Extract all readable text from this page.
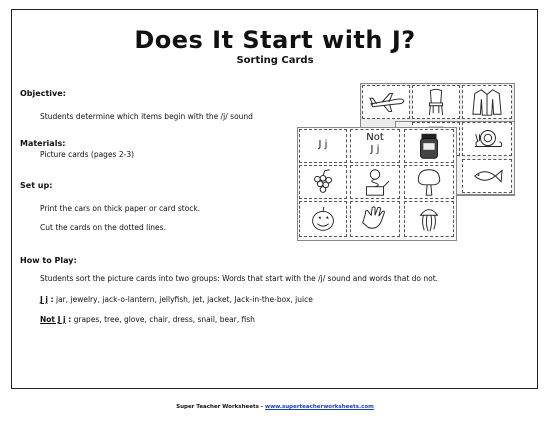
Does It Start with J?
Sorting Cards
Objective:
Students determine which items begin with the /j/ sound
Materials:
Picture cards (pages 2-3)
Set up:
Print the cars on thick paper or card stock.
Cut the cards on the dotted lines.
How to Play:
Students sort the picture cards into two groups: Words that start with the /j/ sound and words that do not.
J j : jar, jewelry, jack-o-lantern, jellyfish, jet, jacket, Jack-in-the-box, juice
Not J j : grapes, tree, glove, chair, dress, snail, bear, fish
J j
Not
J j
Super Teacher Worksheets - www.superteacherworksheets.com
